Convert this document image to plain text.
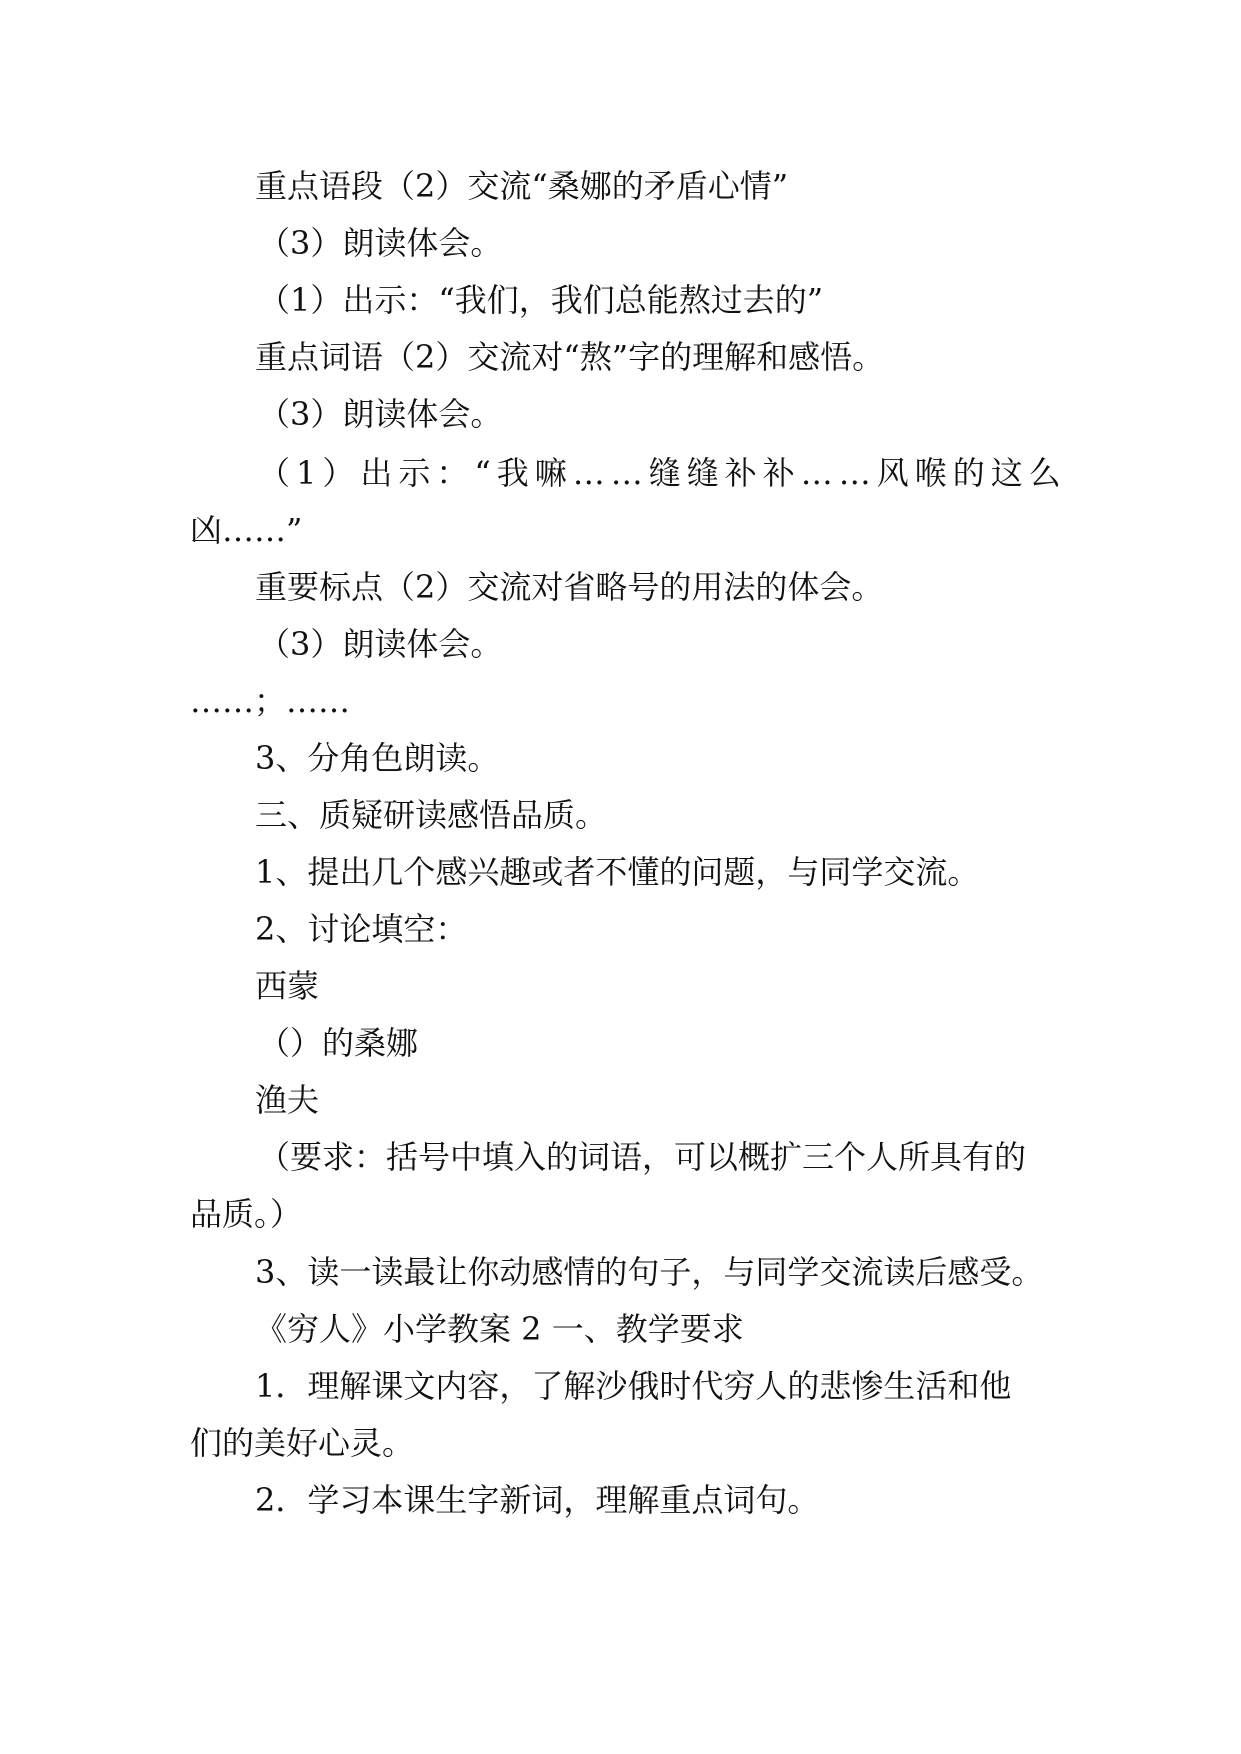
重点语段（2）交流“桑娜的矛盾心情”
（3）朗读体会。
（1）出示：“我们，我们总能熬过去的”
重点词语（2）交流对“熬”字的理解和感悟。
（3）朗读体会。
（1）出示：“我嘛……缝缝补补……风喉的这么
凶……”
重要标点（2）交流对省略号的用法的体会。
（3）朗读体会。
……；……
3、分角色朗读。
三、质疑研读感悟品质。
1、提出几个感兴趣或者不懂的问题，与同学交流。
2、讨论填空：
西蒙
（）的桑娜
渔夫
（要求：括号中填入的词语，可以概扩三个人所具有的
品质。）
3、读一读最让你动感情的句子，与同学交流读后感受。
《穷人》小学教案 2 一、教学要求
1．理解课文内容，了解沙俄时代穷人的悲惨生活和他
们的美好心灵。
2．学习本课生字新词，理解重点词句。
